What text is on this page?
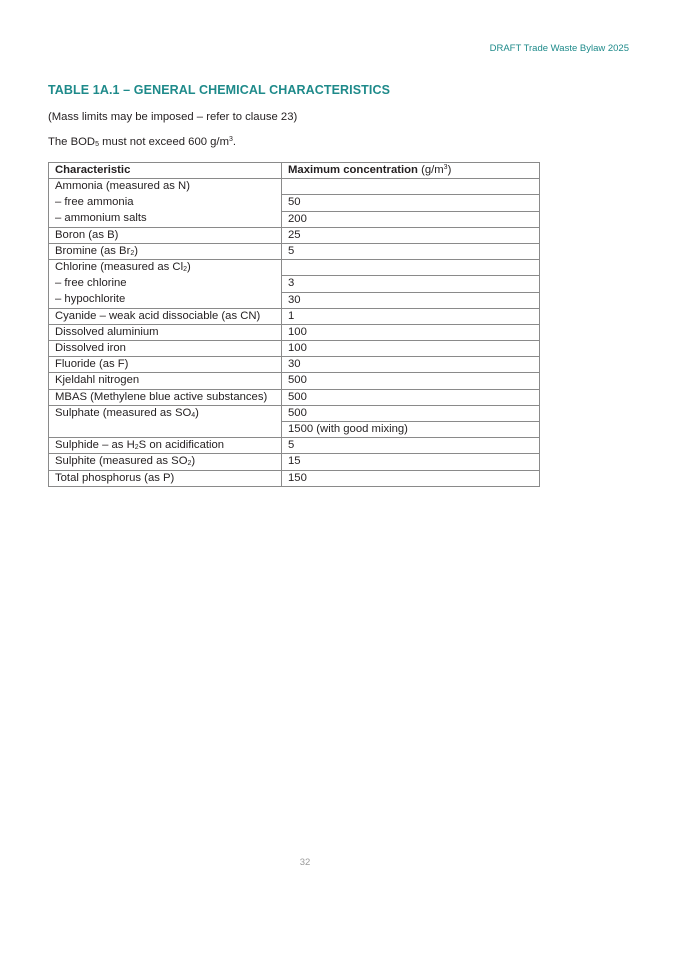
DRAFT Trade Waste Bylaw 2025
TABLE 1A.1 – GENERAL CHEMICAL CHARACTERISTICS
(Mass limits may be imposed – refer to clause 23)
The $BOD_5$ must not exceed 600 $g/m^3$.
Characteristic	Maximum concentration $(g/m^3)$
Ammonia (measured as N)	
– free ammonia	50
– ammonium salts	200
Boron (as B)	25
Bromine (as $Br_2$)	5
Chlorine (measured as $Cl_2$)	
– free chlorine	3
– hypochlorite	30
Cyanide – weak acid dissociable (as CN)	1
Dissolved aluminium	100
Dissolved iron	100
Fluoride (as F)	30
Kjeldahl nitrogen	500
MBAS (Methylene blue active substances)	500
Sulphate (measured as $SO_4$)	500
	1500 (with good mixing)
Sulphide – as $H_2S$ on acidification	5
Sulphite (measured as $SO_2$)	15
Total phosphorus (as P)	150
32
